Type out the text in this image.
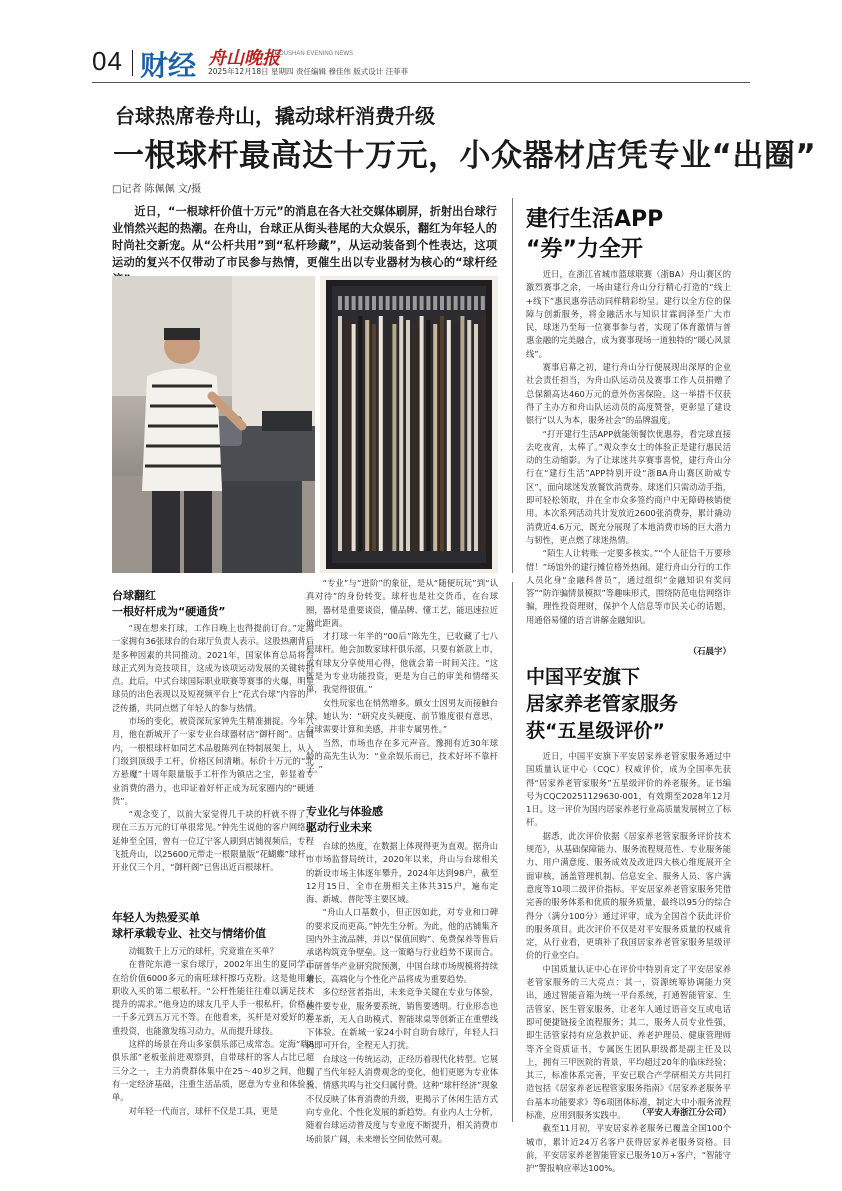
04 财经 舟山晚报
ZHOUSHAN EVENING NEWS
2025年12月18日 星期四 责任编辑 穆佳伟 版式设计 汪菲菲
台球热席卷舟山，撬动球杆消费升级
一根球杆最高达十万元，小众器材店凭专业“出圈”
□记者 陈佩佩 文/摄
近日，“一根球杆价值十万元”的消息在各大社交媒体刷屏，折射出台球行业悄然兴起的热潮。在舟山，台球正从街头巷尾的大众娱乐，翻红为年轻人的时尚社交新宠。从“公杆共用”到“私杆珍藏”，从运动装备到个性表达，这项运动的复兴不仅带动了市民参与热情，更催生出以专业器材为核心的“球杆经
台球翻红
一根好杆成为“硬通货”

“现在想来打球，工作日晚上也得提前订台。”定海一家拥有36张球台的台球厅负责人表示。这股热潮背后是多种因素的共同推动。2021年，国家体育总局将台球正式列为竞技项目，这成为该项运动发展的关键转折点。此后，中式台球国际职业联赛等赛事的火爆，明星球员的出色表现以及短视频平台上“花式台球”内容的广泛传播，共同点燃了年轻人的参与热情。

市场的变化，被资深玩家钟先生精准捕捉。今年八月，他在新城开了一家专业台球器材店“御杆阁”。店铺内，一根根球杆如同艺术品般陈列在特制展架上，从入门级到顶级手工杆，价格区间清晰。标价十万元的“北方悬魔”十周年限量版手工杆作为镇店之宝，彰显着专业消费的潜力，也印证着好杆正成为玩家圈内的“硬通货”。

“观念变了，以前大家觉得几千块的杆就不得了，现在三五万元的订单很常见。”钟先生说他的客户网络已延伸至全国，曾有一位辽宁客人刷到店铺视频后，专程飞抵舟山，以25600元带走一根限量版“花蝴蝶”球杆。开业仅三个月，“御杆阁”已售出近百根球杆。

年轻人为热爱买单
球杆承载专业、社交与情绪价值

动辄数千上万元的球杆，究竟谁在买单？

在普陀东港一家台球厅，2002年出生的夏同学正在给价值6000多元的南旺球杆擦巧克粉。这是他用兼职收入买的第二根私杆。“公杆性能往往难以满足技术提升的需求。”他身边的球友几乎人手一根私杆，价格从一千多元到五万元不等。在他看来，买杆是对爱好的郑重投资，也能激发练习动力，从而提升球技。

这样的场景在舟山多家俱乐部已成常态。定海“嗨8俱乐部”老板张前进观察到，自带球杆的客人占比已超三分之一，主力消费群体集中在25～40岁之间，他们有一定经济基础，注重生活品质，愿意为专业和体验买单。

对年轻一代而言，球杆不仅是工具，更是

“专业”与“进阶”的象征，是从“随便玩玩”到“认真对待”的身份转变。球杆也是社交货币，在台球圈，器材是重要谈资，懂品牌、懂工艺，能迅速拉近彼此距离。

才打球一年半的“00后”陈先生，已收藏了七八根球杆。他会加数家球杆俱乐部，只要有新款上市，或有球友分享使用心得，他就会第一时间关注。“这既是为专业功能投资，更是为自己的审美和情绪买单，我觉得很值。”

女性玩家也在悄然增多。颇女士因男友而接触台球，她认为：“研究皮头硬度、前节锥度很有意思，台球需要计算和美感，并非专属男性。”

当然，市场也存在多元声音。豫拥有近30年球龄的高先生认为：“业余娱乐而已，技术好坏不靠杆子。”

专业化与体验感
驱动行业未来

台球的热度，在数据上体现得更为直观。据舟山市市场监督局统计，2020年以来，舟山与台球相关的新设市场主体逐年攀升，2024年达到98户，截至12月15日，全市在册相关主体共315户，遍布定海、新城、普陀等主要区域。

“舟山人口基数小，但正因如此，对专业和口碑的要求反而更高。”钟先生分析。为此，他的店铺集齐国内外主流品牌，并以“保值回购”、免费保养等售后承诺构筑竞争壁垒。这一策略与行业趋势不谋而合。中研普华产业研究院预测，中国台球市场规模将持续增长，高端化与个性化产品将成为重要趋势。

多位经营者指出，未来竞争关键在专业与体验，硬件要专业，服务要系统，销售要透明。行业形态也在革新，无人自助模式、智能球桌等创新正在重塑线下体验。在新城一家24小时自助台球厅，年轻人扫码即可开台，全程无人打扰。

台球这一传统运动，正经历着现代化转型。它展现了当代年轻人消费观念的变化，他们更愿为专业体验、情感共鸣与社交归属付费。这种“球杆经济”现象不仅反映了体育消费的升级，更揭示了休闲生活方式向专业化、个性化发展的新趋势。有业内人士分析，随着台球运动普及度与专业度不断提升，相关消费市场前景广阔，未来增长空间依然可观。

建行生活APP
“券”力全开

近日，在浙江省城市篮球联赛（浙BA）舟山赛区的激烈赛事之余，一场由建行舟山分行精心打造的“线上+线下”惠民惠券活动同样精彩纷呈。建行以全方位的保障与创新服务，将金融活水与知识甘霖润泽至广大市民，球迷乃至每一位赛事参与者，实现了体育激情与普惠金融的完美融合，成为赛事现场一道独特的“暖心风景线”。

赛事启幕之初，建行舟山分行便展现出深厚的企业社会责任担当，为舟山队运动员及赛事工作人员捐赠了总保额高达460万元的意外伤害保险。这一举措不仅获得了主办方和舟山队运动员的高度赞誉，更彰显了建设银行“以人为本，服务社会”的品牌温度。

“打开建行生活APP就能领餐饮优惠券，看完球直接去吃夜宵，太棒了。”观众李女士的体验正是建行惠民活动的生动缩影。为了让球迷共享赛事喜悦，建行舟山分行在“建行生活”APP特别开设“浙BA舟山赛区助威专区”，面向球迷发放餐饮消费券。球迷们只需动动手指，即可轻松领取，并在全市众多签约商户中无障碍核销使用。本次系列活动共计发放近2600张消费券，累计撬动消费近4.6万元，既充分展现了本地消费市场的巨大潜力与韧性，更点燃了球迷热情。

“陌生人让转账一定要多核实。”“个人征信千万要珍惜！”场馆外的建行摊位格外热闹。建行舟山分行的工作人员化身“金融科普员”，通过组织“金融知识有奖问答”“防诈骗情景模拟”等趣味形式，围绕防范电信网络诈骗，理性投资理财，保护个人信息等市民关心的话题，用通俗易懂的语言讲解金融知识。

（石晨宇）
中国平安旗下
居家养老管家服务
获“五星级评价”

近日，中国平安旗下平安居家养老管家服务通过中国质量认证中心（CQC）权威评价，成为全国率先获得“居家养老管家服务”五星级评价的养老服务。证书编号为CQC20251129630-001，有效期至2028年12月1日。这一评价为国内居家养老行业高质量发展树立了标杆。

据悉，此次评价依据《居家养老管家服务评价技术规范》，从基础保障能力、服务流程规范性、专业服务能力、用户满意度、服务成效及改进四大核心维度展开全面审核，涵盖管理机制、信息安全、服务人员、客户满意度等10项二级评价指标。平安居家养老管家服务凭借完善的服务体系和优质的服务质量，最终以95分的综合得分（满分100分）通过评审，成为全国首个获此评价的服务项目。此次评价不仅是对平安服务质量的权威肯定，从行业看，更填补了我国居家养老管家服务星级评价的行业空白。

中国质量认证中心在评价中特别肯定了平安居家养老管家服务的三大亮点：其一，资源统筹协调能力突出，通过智能音箱为统一平台系统，打通智能管家、生活管家、医生管家服务，让老年人通过语音交互或电话即可便捷链接全流程服务；其二，服务人员专业性强，即生活管家持有应急救护证、养老护理员、健康管理师等齐全资质证书，专属医生团队职级都是副主任及以上，拥有三甲医院的背景，平均超过20年的临床经验；其三，标准体系完善，平安已联合产学研相关方共同打造包括《居家养老远程管家服务指南》《居家养老服务平台基本功能要求》等6项团体标准，制定大中小服务流程标准，应用到服务实践中。

截至11月初，平安居家养老服务已覆盖全国100个城市，累计近24万名客户获得居家养老服务资格。目前，平安居家养老智能管家已服务10万+客户，“智能守护”警报响应率达100%。

（平安人寿浙江分公司）
